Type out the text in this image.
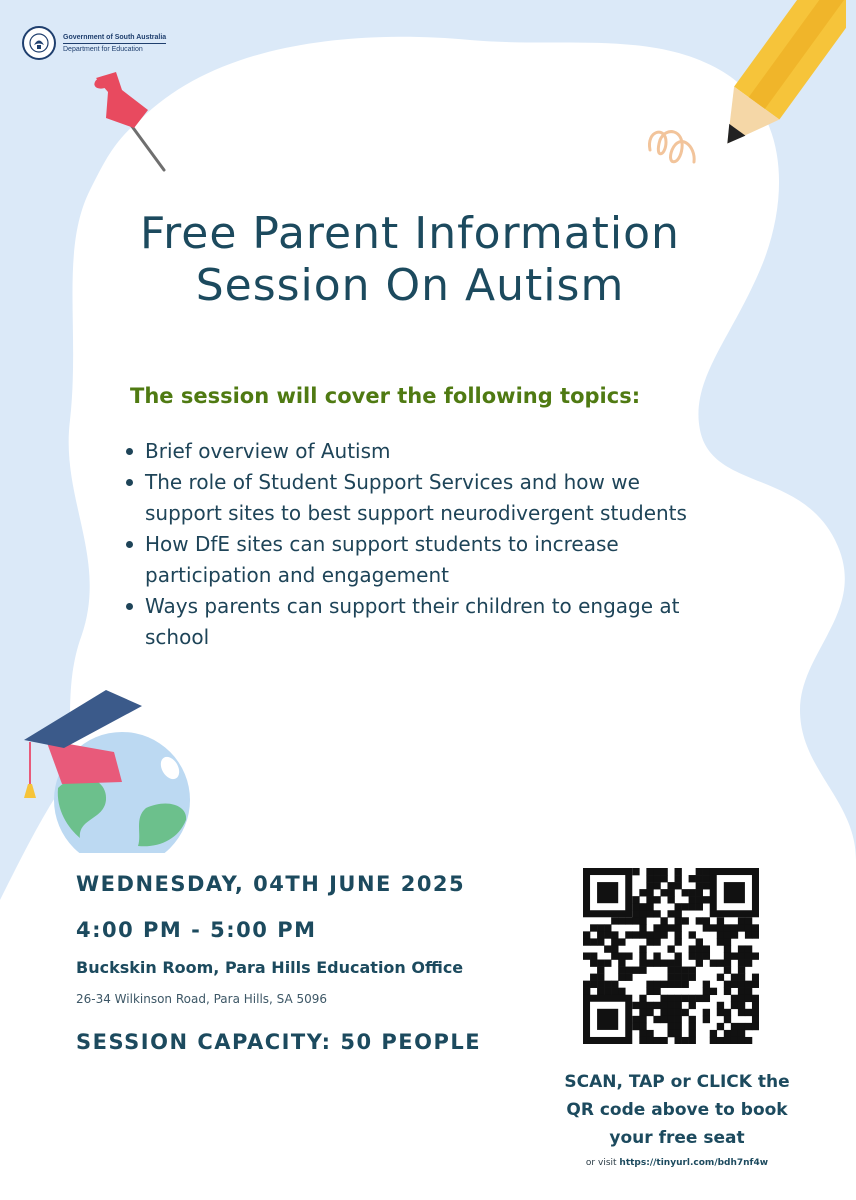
Government of South Australia
Department for Education
Free Parent Information
Session On Autism
The session will cover the following topics:
Brief overview of Autism
The role of Student Support Services and how we
support sites to best support neurodivergent students
How DfE sites can support students to increase
participation and engagement
Ways parents can support their children to engage at
school
WEDNESDAY, 04TH JUNE 2025
4:00 PM - 5:00 PM
Buckskin Room, Para Hills Education Office
26-34 Wilkinson Road, Para Hills, SA 5096
SESSION CAPACITY: 50 PEOPLE
SCAN, TAP or CLICK the
QR code above to book
your free seat
or visit https://tinyurl.com/bdh7nf4w
